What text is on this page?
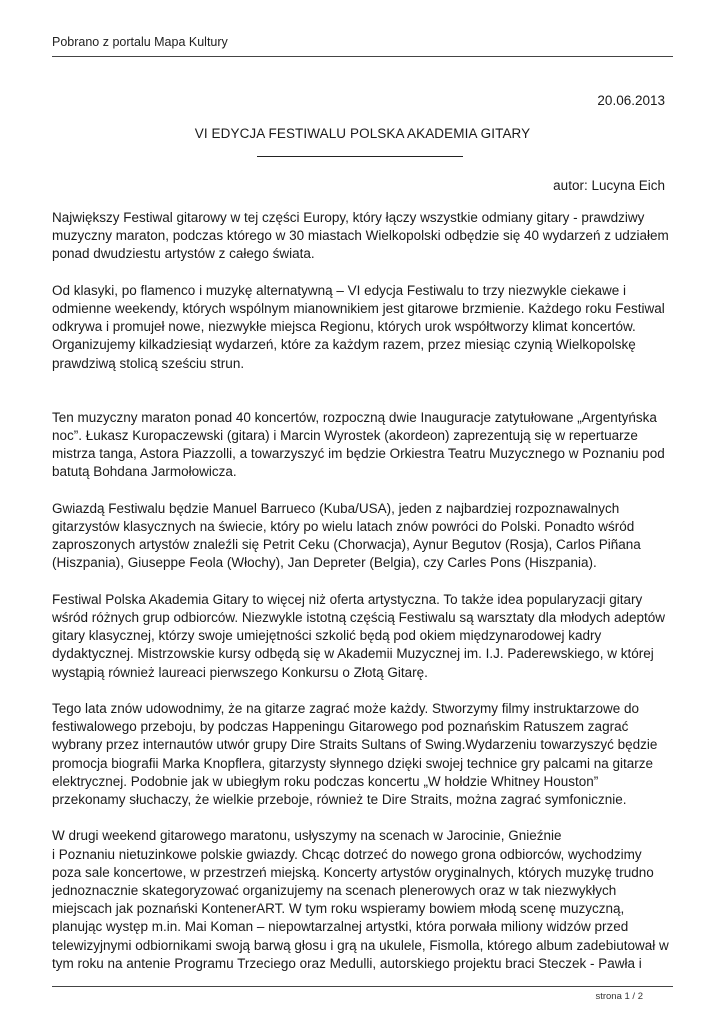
Pobrano z portalu Mapa Kultury
20.06.2013
VI EDYCJA FESTIWALU POLSKA AKADEMIA GITARY
autor: Lucyna Eich

Największy Festiwal gitarowy w tej części Europy, który łączy wszystkie odmiany gitary - prawdziwy
muzyczny maraton, podczas którego w 30 miastach Wielkopolski odbędzie się 40 wydarzeń z udziałem
ponad dwudziestu artystów z całego świata.

Od klasyki, po flamenco i muzykę alternatywną – VI edycja Festiwalu to trzy niezwykle ciekawe i
odmienne weekendy, których wspólnym mianownikiem jest gitarowe brzmienie. Każdego roku Festiwal
odkrywa i promujeł nowe, niezwykłe miejsca Regionu, których urok współtworzy klimat koncertów.
Organizujemy kilkadziesiąt wydarzeń, które za każdym razem, przez miesiąc czynią Wielkopolskę
prawdziwą stolicą sześciu strun.

Ten muzyczny maraton ponad 40 koncertów, rozpoczną dwie Inauguracje zatytułowane „Argentyńska
noc”. Łukasz Kuropaczewski (gitara) i Marcin Wyrostek (akordeon) zaprezentują się w repertuarze
mistrza tanga, Astora Piazzolli, a towarzyszyć im będzie Orkiestra Teatru Muzycznego w Poznaniu pod
batutą Bohdana Jarmołowicza.

Gwiazdą Festiwalu będzie Manuel Barrueco (Kuba/USA), jeden z najbardziej rozpoznawalnych
gitarzystów klasycznych na świecie, który po wielu latach znów powróci do Polski. Ponadto wśród
zaproszonych artystów znaleźli się Petrit Ceku (Chorwacja), Aynur Begutov (Rosja), Carlos Piñana
(Hiszpania), Giuseppe Feola (Włochy), Jan Depreter (Belgia), czy Carles Pons (Hiszpania).

Festiwal Polska Akademia Gitary to więcej niż oferta artystyczna. To także idea popularyzacji gitary
wśród różnych grup odbiorców. Niezwykle istotną częścią Festiwalu są warsztaty dla młodych adeptów
gitary klasycznej, którzy swoje umiejętności szkolić będą pod okiem międzynarodowej kadry
dydaktycznej. Mistrzowskie kursy odbędą się w Akademii Muzycznej im. I.J. Paderewskiego, w której
wystąpią również laureaci pierwszego Konkursu o Złotą Gitarę.

Tego lata znów udowodnimy, że na gitarze zagrać może każdy. Stworzymy filmy instruktarzowe do
festiwalowego przeboju, by podczas Happeningu Gitarowego pod poznańskim Ratuszem zagrać
wybrany przez internautów utwór grupy Dire Straits Sultans of Swing.Wydarzeniu towarzyszyć będzie
promocja biografii Marka Knopflera, gitarzysty słynnego dzięki swojej technice gry palcami na gitarze
elektrycznej. Podobnie jak w ubiegłym roku podczas koncertu „W hołdzie Whitney Houston”
przekonamy słuchaczy, że wielkie przeboje, również te Dire Straits, można zagrać symfonicznie.

W drugi weekend gitarowego maratonu, usłyszymy na scenach w Jarocinie, Gnieźnie
i Poznaniu nietuzinkowe polskie gwiazdy. Chcąc dotrzeć do nowego grona odbiorców, wychodzimy
poza sale koncertowe, w przestrzeń miejską. Koncerty artystów oryginalnych, których muzykę trudno
jednoznacznie skategoryzować organizujemy na scenach plenerowych oraz w tak niezwykłych
miejscach jak poznański KontenerART. W tym roku wspieramy bowiem młodą scenę muzyczną,
planując występ m.in. Mai Koman – niepowtarzalnej artystki, która porwała miliony widzów przed
telewizyjnymi odbiornikami swoją barwą głosu i grą na ukulele, Fismolla, którego album zadebiutował w
tym roku na antenie Programu Trzeciego oraz Medulli, autorskiego projektu braci Steczek - Pawła i

strona 1 / 2
